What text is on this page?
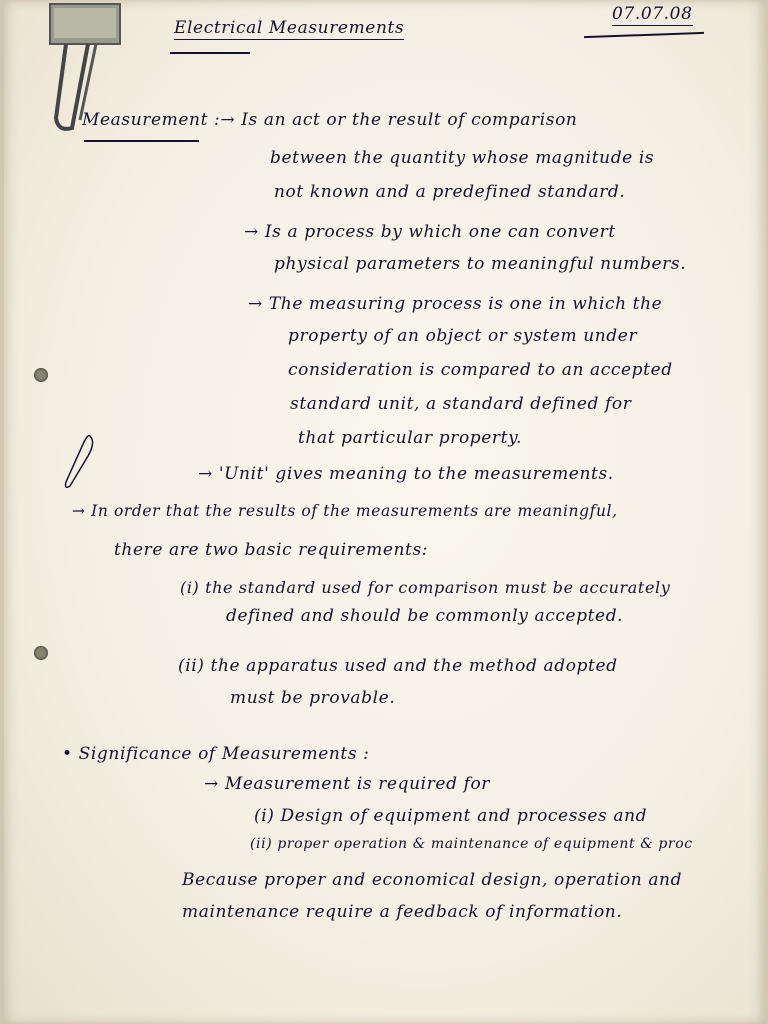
Electrical Measurements
07.07.08
Measurement :→ Is an act or the result of comparison
between the quantity whose magnitude is
not known and a predefined standard.
→ Is a process by which one can convert
physical parameters to meaningful numbers.
→ The measuring process is one in which the
property of an object or system under
consideration is compared to an accepted
standard unit, a standard defined for
that particular property.
→ 'Unit' gives meaning to the measurements.
→ In order that the results of the measurements are meaningful,
there are two basic requirements:
(i) the standard used for comparison must be accurately
defined and should be commonly accepted.
(ii) the apparatus used and the method adopted
must be provable.
• Significance of Measurements :
→ Measurement is required for
(i) Design of equipment and processes and
(ii) proper operation & maintenance of equipment & proc
Because proper and economical design, operation and
maintenance require a feedback of information.
